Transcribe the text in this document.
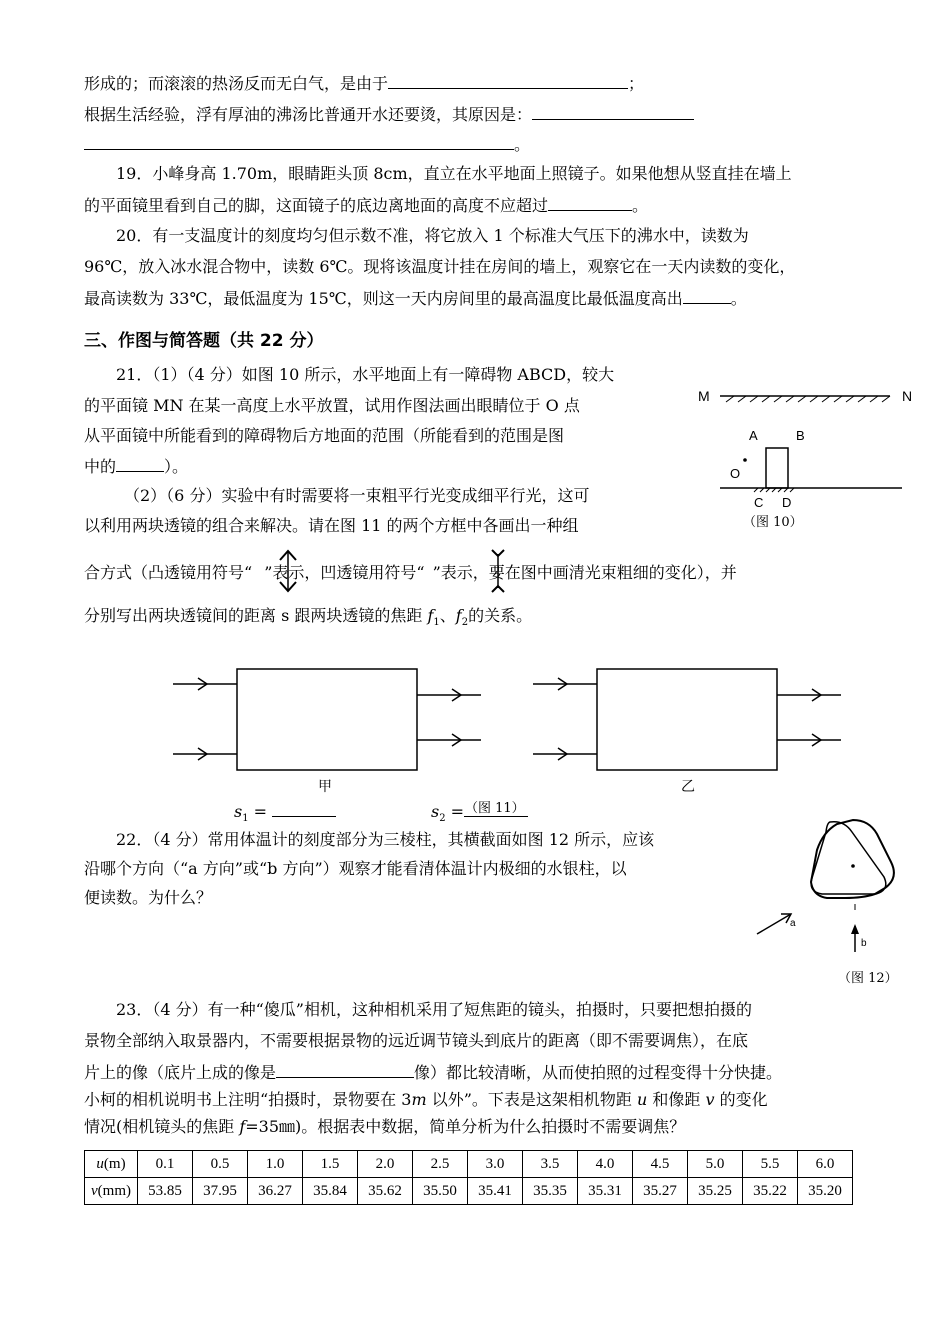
形成的；而滚滚的热汤反而无白气，是由于	；
根据生活经验，浮有厚油的沸汤比普通开水还要烫，其原因是：
。
19．小峰身高 1.70m，眼睛距头顶 8cm，直立在水平地面上照镜子。如果他想从竖直挂在墙上
的平面镜里看到自己的脚，这面镜子的底边离地面的高度不应超过	。
20．有一支温度计的刻度均匀但示数不准，将它放入 1 个标准大气压下的沸水中，读数为
96℃，放入冰水混合物中，读数 6℃。现将该温度计挂在房间的墙上，观察它在一天内读数的变化，
最高读数为 33℃，最低温度为 15℃，则这一天内房间里的最高温度比最低温度高出	。
三、作图与简答题（共 22 分）
21．（1）（4 分）如图 10 所示，水平地面上有一障碍物 ABCD，较大
的平面镜 MN 在某一高度上水平放置，试用作图法画出眼睛位于 O 点
从平面镜中所能看到的障碍物后方地面的范围（所能看到的范围是图
中的	）。
（2）（6 分）实验中有时需要将一束粗平行光变成细平行光，这可
以利用两块透镜的组合来解决。请在图 11 的两个方框中各画出一种组
合方式（凸透镜用符号“ ”表示，凹透镜用符号“ ”表示，要在图中画清光束粗细的变化），并
分别写出两块透镜间的距离 s 跟两块透镜的焦距 $f_1$、$f_2$的关系。
M	N
A	B
O
C D
（图 10）
甲	乙
$s_1$ =	$s_2$ = （图 11）
22．（4 分）常用体温计的刻度部分为三棱柱，其横截面如图 12 所示，应该
沿哪个方向（“a 方向”或“b 方向”）观察才能看清体温计内极细的水银柱，以
便读数。为什么？
a
b
（图 12）
23．（4 分）有一种“傻瓜”相机，这种相机采用了短焦距的镜头，拍摄时，只要把想拍摄的
景物全部纳入取景器内，不需要根据景物的远近调节镜头到底片的距离（即不需要调焦），在底
片上的像（底片上成的像是	像）都比较清晰，从而使拍照的过程变得十分快捷。
小柯的相机说明书上注明“拍摄时，景物要在 3m 以外”。下表是这架相机物距 u 和像距 v 的变化
情况(相机镜头的焦距 f=35㎜)。根据表中数据，简单分析为什么拍摄时不需要调焦？
u(m)	0.1	0.5	1.0	1.5	2.0	2.5	3.0	3.5	4.0	4.5	5.0	5.5	6.0
v(mm)	53.85	37.95	36.27	35.84	35.62	35.50	35.41	35.35	35.31	35.27	35.25	35.22	35.20
